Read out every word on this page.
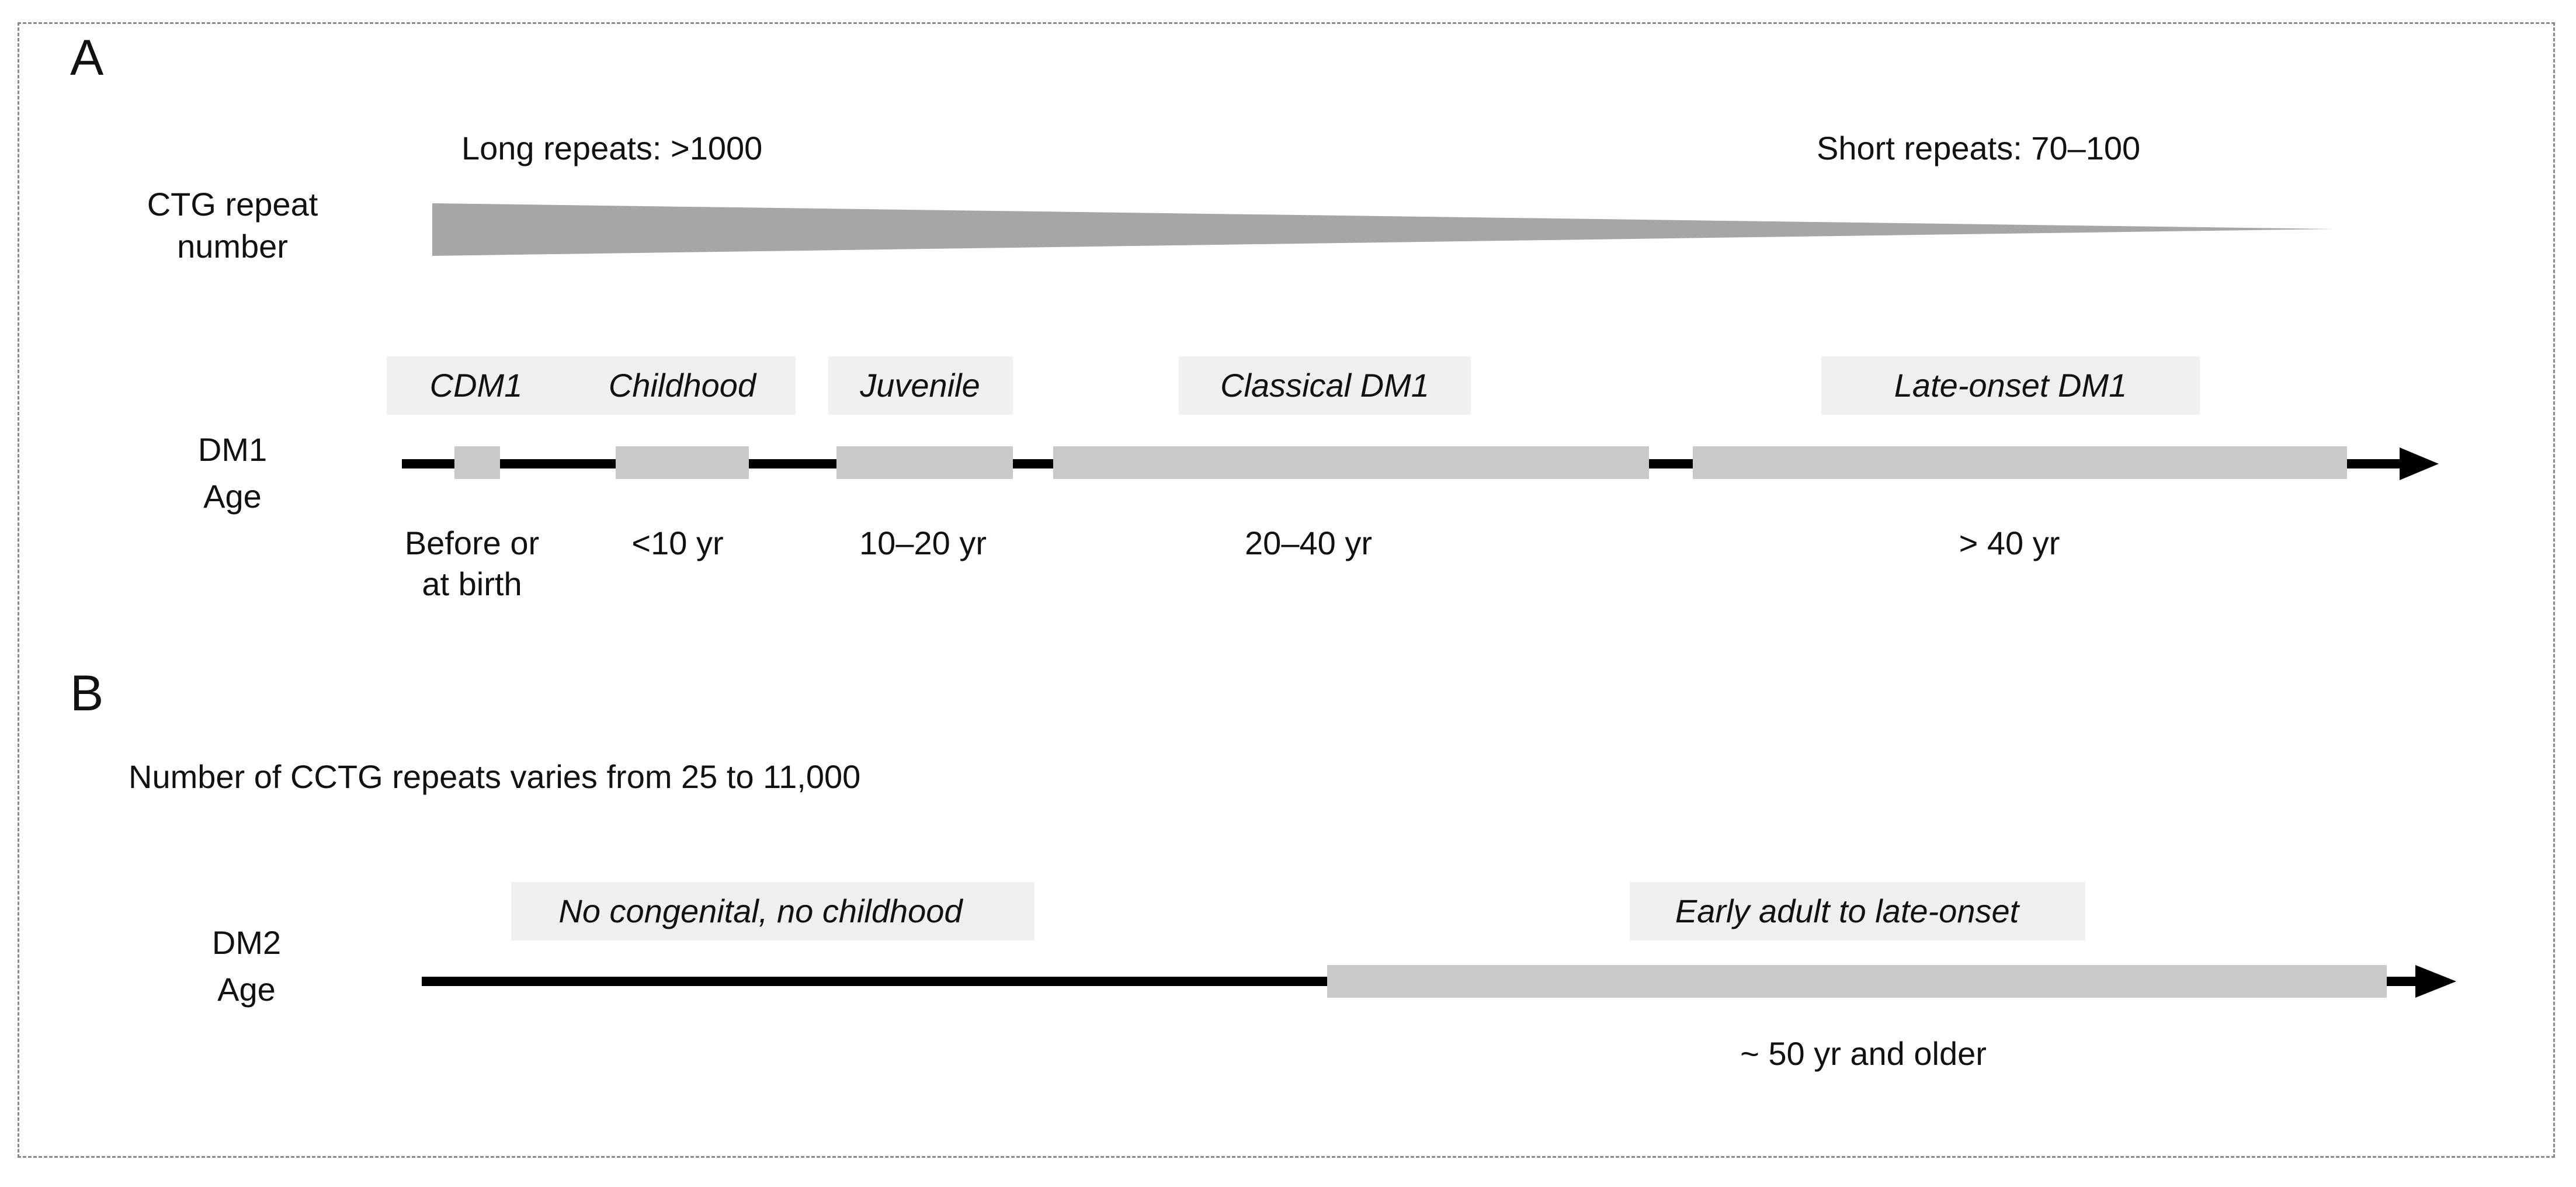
A
Long repeats: >1000	Short repeats: 70–100
CTG repeat
number
CDM1	Childhood	Juvenile	Classical DM1	Late-onset DM1
DM1
Age
Before or
at birth
<10 yr	10–20 yr	20–40 yr	> 40 yr
B
Number of CCTG repeats varies from 25 to 11,000
No congenital, no childhood	Early adult to late-onset
DM2
Age
~ 50 yr and older
